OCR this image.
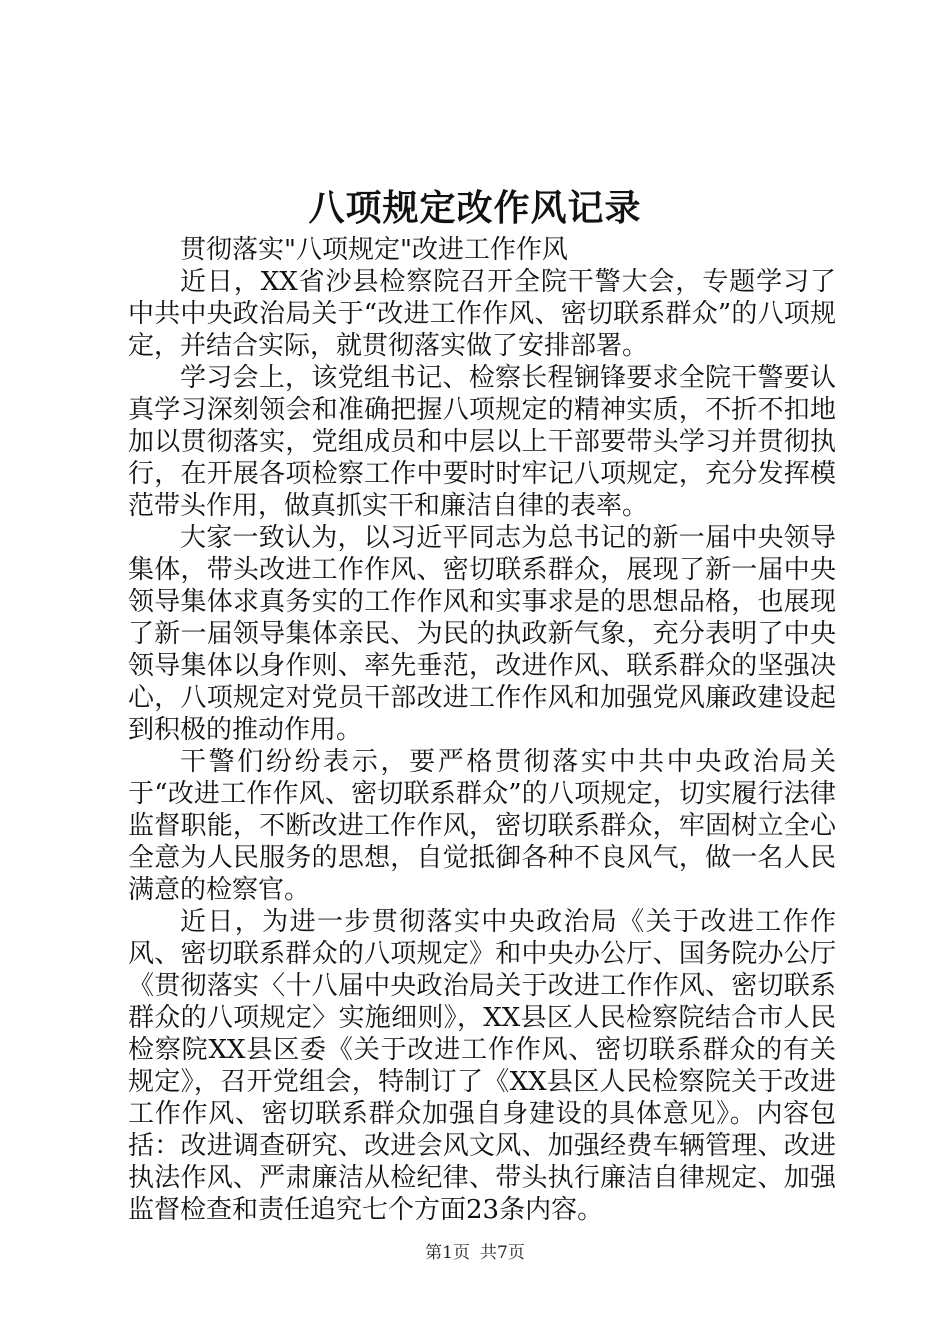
八项规定改作风记录

贯彻落实"八项规定"改进工作作风

近日，XX省沙县检察院召开全院干警大会，专题学习了中共中央政治局关于“改进工作作风、密切联系群众”的八项规定，并结合实际，就贯彻落实做了安排部署。

学习会上，该党组书记、检察长程锎锋要求全院干警要认真学习深刻领会和准确把握八项规定的精神实质，不折不扣地加以贯彻落实，党组成员和中层以上干部要带头学习并贯彻执行，在开展各项检察工作中要时时牢记八项规定，充分发挥模范带头作用，做真抓实干和廉洁自律的表率。

大家一致认为，以习近平同志为总书记的新一届中央领导集体，带头改进工作作风、密切联系群众，展现了新一届中央领导集体求真务实的工作作风和实事求是的思想品格，也展现了新一届领导集体亲民、为民的执政新气象，充分表明了中央领导集体以身作则、率先垂范，改进作风、联系群众的坚强决心，八项规定对党员干部改进工作作风和加强党风廉政建设起到积极的推动作用。

干警们纷纷表示，要严格贯彻落实中共中央政治局关于“改进工作作风、密切联系群众”的八项规定，切实履行法律监督职能，不断改进工作作风，密切联系群众，牢固树立全心全意为人民服务的思想，自觉抵御各种不良风气，做一名人民满意的检察官。

近日，为进一步贯彻落实中央政治局《关于改进工作作风、密切联系群众的八项规定》和中央办公厅、国务院办公厅《贯彻落实〈十八届中央政治局关于改进工作作风、密切联系群众的八项规定〉实施细则》，XX县区人民检察院结合市人民检察院XX县区委《关于改进工作作风、密切联系群众的有关规定》，召开党组会，特制订了《XX县区人民检察院关于改进工作作风、密切联系群众加强自身建设的具体意见》。内容包括：改进调查研究、改进会风文风、加强经费车辆管理、改进执法作风、严肃廉洁从检纪律、带头执行廉洁自律规定、加强监督检查和责任追究七个方面23条内容。

第1页 共7页
